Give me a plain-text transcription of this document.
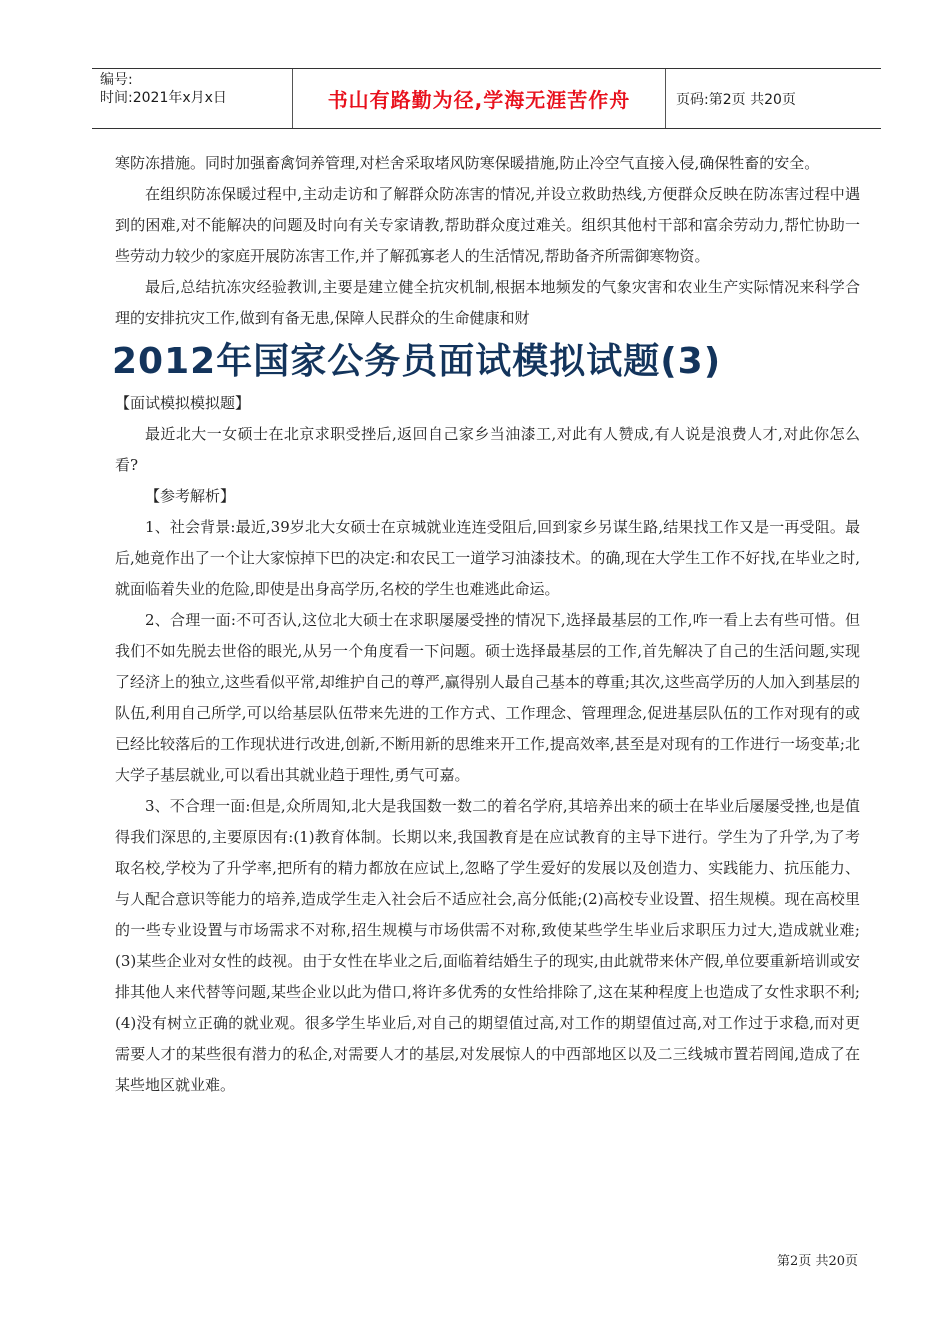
编号:
时间:2021年x月x日	书山有路勤为径,学海无涯苦作舟	页码:第2页 共20页

寒防冻措施。同时加强畜禽饲养管理,对栏舍采取堵风防寒保暖措施,防止冷空气直接入侵,确保牲畜的安全。

在组织防冻保暖过程中,主动走访和了解群众防冻害的情况,并设立救助热线,方便群众反映在防冻害过程中遇到的困难,对不能解决的问题及时向有关专家请教,帮助群众度过难关。组织其他村干部和富余劳动力,帮忙协助一些劳动力较少的家庭开展防冻害工作,并了解孤寡老人的生活情况,帮助备齐所需御寒物资。

最后,总结抗冻灾经验教训,主要是建立健全抗灾机制,根据本地频发的气象灾害和农业生产实际情况来科学合理的安排抗灾工作,做到有备无患,保障人民群众的生命健康和财

2012年国家公务员面试模拟试题(3)

【面试模拟模拟题】

最近北大一女硕士在北京求职受挫后,返回自己家乡当油漆工,对此有人赞成,有人说是浪费人才,对此你怎么看?

【参考解析】

1、社会背景:最近,39岁北大女硕士在京城就业连连受阻后,回到家乡另谋生路,结果找工作又是一再受阻。最后,她竟作出了一个让大家惊掉下巴的决定:和农民工一道学习油漆技术。的确,现在大学生工作不好找,在毕业之时,就面临着失业的危险,即使是出身高学历,名校的学生也难逃此命运。

2、合理一面:不可否认,这位北大硕士在求职屡屡受挫的情况下,选择最基层的工作,咋一看上去有些可惜。但我们不如先脱去世俗的眼光,从另一个角度看一下问题。硕士选择最基层的工作,首先解决了自己的生活问题,实现了经济上的独立,这些看似平常,却维护自己的尊严,赢得别人最自己基本的尊重;其次,这些高学历的人加入到基层的队伍,利用自己所学,可以给基层队伍带来先进的工作方式、工作理念、管理理念,促进基层队伍的工作对现有的或已经比较落后的工作现状进行改进,创新,不断用新的思维来开工作,提高效率,甚至是对现有的工作进行一场变革;北大学子基层就业,可以看出其就业趋于理性,勇气可嘉。

3、不合理一面:但是,众所周知,北大是我国数一数二的着名学府,其培养出来的硕士在毕业后屡屡受挫,也是值得我们深思的,主要原因有:(1)教育体制。长期以来,我国教育是在应试教育的主导下进行。学生为了升学,为了考取名校,学校为了升学率,把所有的精力都放在应试上,忽略了学生爱好的发展以及创造力、实践能力、抗压能力、与人配合意识等能力的培养,造成学生走入社会后不适应社会,高分低能;(2)高校专业设置、招生规模。现在高校里的一些专业设置与市场需求不对称,招生规模与市场供需不对称,致使某些学生毕业后求职压力过大,造成就业难;(3)某些企业对女性的歧视。由于女性在毕业之后,面临着结婚生子的现实,由此就带来休产假,单位要重新培训或安排其他人来代替等问题,某些企业以此为借口,将许多优秀的女性给排除了,这在某种程度上也造成了女性求职不利;(4)没有树立正确的就业观。很多学生毕业后,对自己的期望值过高,对工作的期望值过高,对工作过于求稳,而对更需要人才的某些很有潜力的私企,对需要人才的基层,对发展惊人的中西部地区以及二三线城市置若罔闻,造成了在某些地区就业难。

第2页 共20页
